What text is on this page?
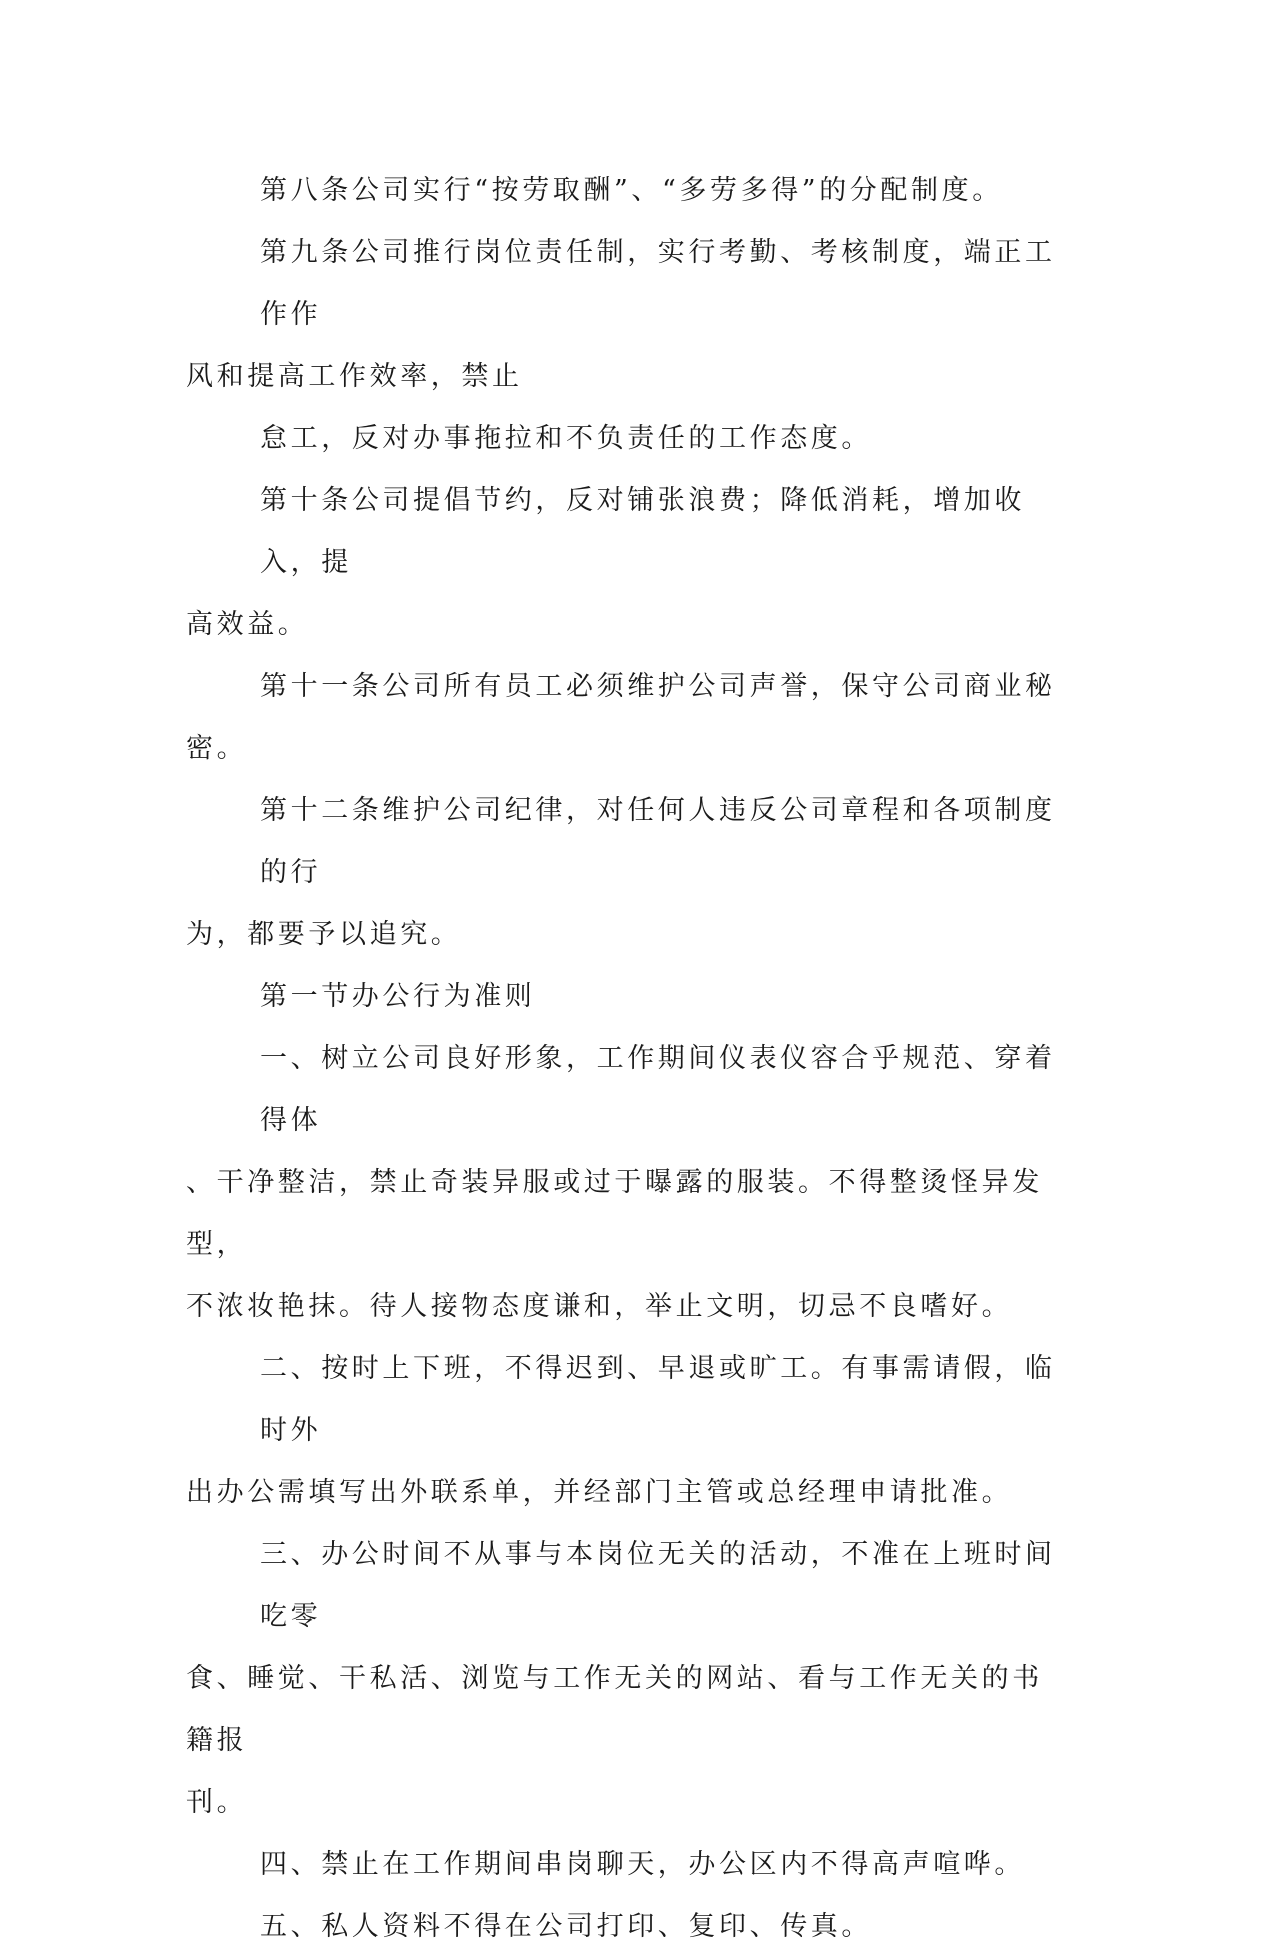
第八条公司实行“按劳取酬”、“多劳多得”的分配制度。

第九条公司推行岗位责任制，实行考勤、考核制度，端正工作作
风和提高工作效率，禁止

怠工，反对办事拖拉和不负责任的工作态度。

第十条公司提倡节约，反对铺张浪费；降低消耗，增加收入，提
高效益。

第十一条公司所有员工必须维护公司声誉，保守公司商业秘密。

第十二条维护公司纪律，对任何人违反公司章程和各项制度的行
为，都要予以追究。

第一节办公行为准则

一、树立公司良好形象，工作期间仪表仪容合乎规范、穿着得体
、干净整洁，禁止奇装异服或过于曝露的服装。不得整烫怪异发型，
不浓妆艳抹。待人接物态度谦和，举止文明，切忌不良嗜好。

二、按时上下班，不得迟到、早退或旷工。有事需请假，临时外
出办公需填写出外联系单，并经部门主管或总经理申请批准。

三、办公时间不从事与本岗位无关的活动，不准在上班时间吃零
食、睡觉、干私活、浏览与工作无关的网站、看与工作无关的书籍报
刊。

四、禁止在工作期间串岗聊天，办公区内不得高声喧哗。

五、私人资料不得在公司打印、复印、传真。
